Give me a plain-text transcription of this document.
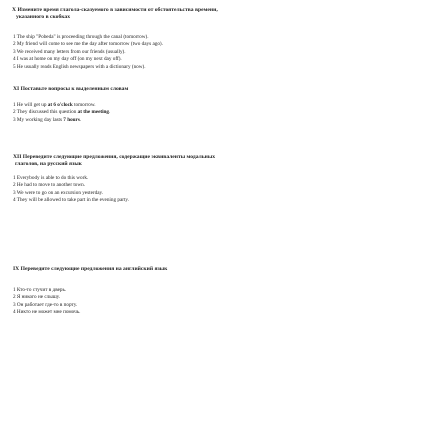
X Измените время глагола-сказуемого в зависимости от обстоятельства времени,
указанного в скобках
1 The ship "Pobeda" is proceeding through the canal (tomorrow).
2 My friend will come to see me the day after tomorrow (two days ago).
3 We received many letters from our friends (usually).
4 I was at home on my day off (on my next day off).
5 He usually reads English newspapers with a dictionary (now).
XI Поставьте вопросы к выделенным словам
1 He will get up at 6 o'clock tomorrow.
2 They discussed this question at the meeting.
3 My working day lasts 7 hours.
XII Переведите следующие предложения, содержащие эквиваленты модальных
глаголов, на русский язык
1 Everybody is able to do this work.
2 He had to move to another town.
3 We were to go on an excursion yesterday.
4 They will be allowed to take part in the evening party.
IX Переведите следующие предложения на английский язык
1 Кто-то стучит в дверь.
2 Я никого не слышу.
3 Он работает где-то в порту.
4 Никто не может мне помочь.
